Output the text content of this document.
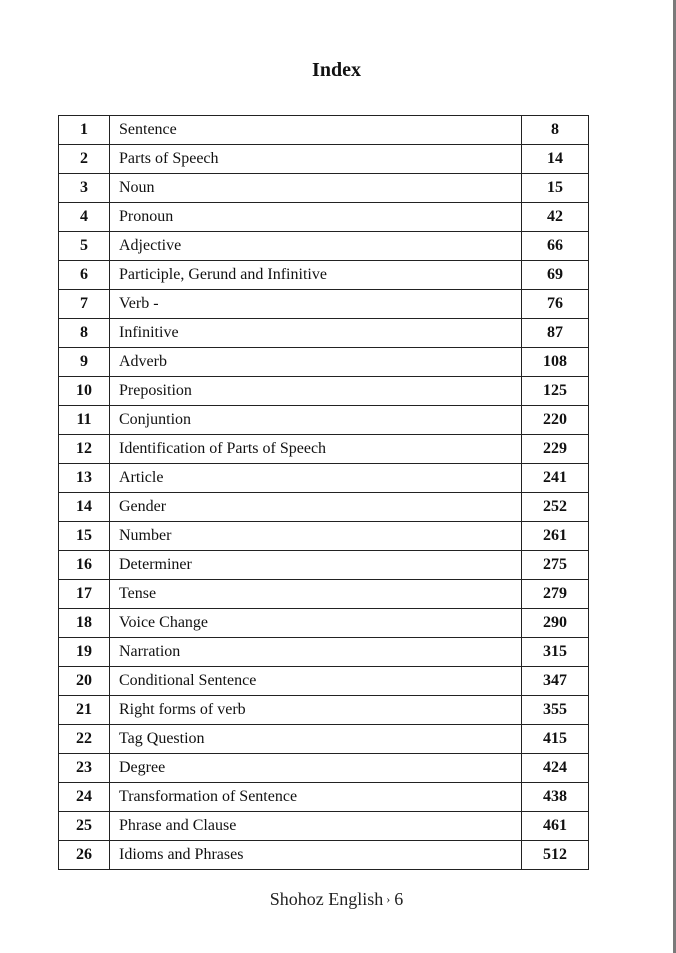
Index
1	Sentence	8
2	Parts of Speech	14
3	Noun	15
4	Pronoun	42
5	Adjective	66
6	Participle, Gerund and Infinitive	69
7	Verb -	76
8	Infinitive	87
9	Adverb	108
10	Preposition	125
11	Conjuntion	220
12	Identification of Parts of Speech	229
13	Article	241
14	Gender	252
15	Number	261
16	Determiner	275
17	Tense	279
18	Voice Change	290
19	Narration	315
20	Conditional Sentence	347
21	Right forms of verb	355
22	Tag Question	415
23	Degree	424
24	Transformation of Sentence	438
25	Phrase and Clause	461
26	Idioms and Phrases	512
Shohoz English › 6
